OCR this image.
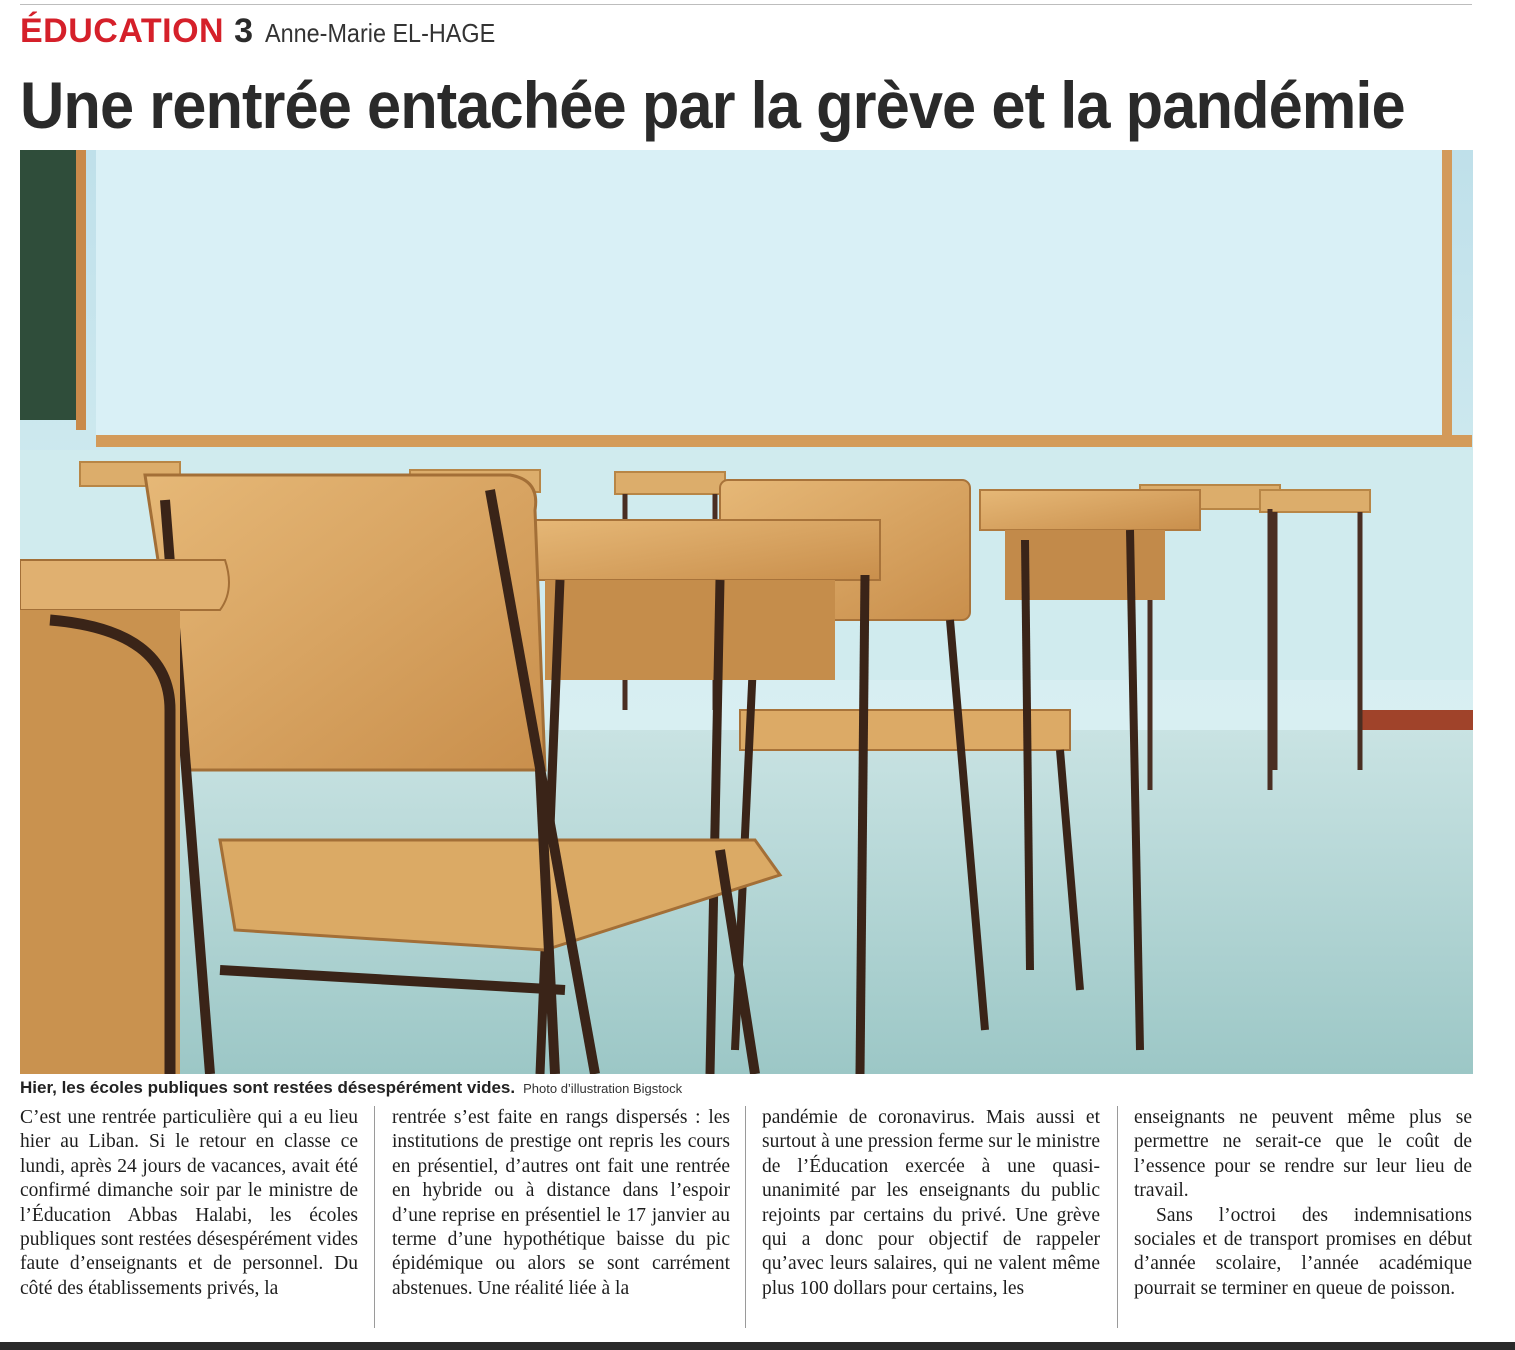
ÉDUCATION 3 Anne-Marie EL-HAGE
Une rentrée entachée par la grève et la pandémie
Hier, les écoles publiques sont restées désespérément vides. Photo d’illustration Bigstock

C’est une rentrée particulière qui a eu lieu hier au Liban. Si le retour en classe ce lundi, après 24 jours de vacances, avait été confirmé dimanche soir par le ministre de l’Éducation Abbas Halabi, les écoles publiques sont restées désespérément vides faute d’enseignants et de personnel. Du côté des établissements privés, la

rentrée s’est faite en rangs dispersés : les institutions de prestige ont repris les cours en présentiel, d’autres ont fait une rentrée en hybride ou à distance dans l’espoir d’une reprise en présentiel le 17 janvier au terme d’une hypothétique baisse du pic épidémique ou alors se sont carrément abstenues. Une réalité liée à la

pandémie de coronavirus. Mais aussi et surtout à une pression ferme sur le ministre de l’Éducation exercée à une quasi-unanimité par les enseignants du public rejoints par certains du privé. Une grève qui a donc pour objectif de rappeler qu’avec leurs salaires, qui ne valent même plus 100 dollars pour certains, les

enseignants ne peuvent même plus se permettre ne serait-ce que le coût de l’essence pour se rendre sur leur lieu de travail.

Sans l’octroi des indemnisations sociales et de transport promises en début d’année scolaire, l’année académique pourrait se terminer en queue de poisson.
